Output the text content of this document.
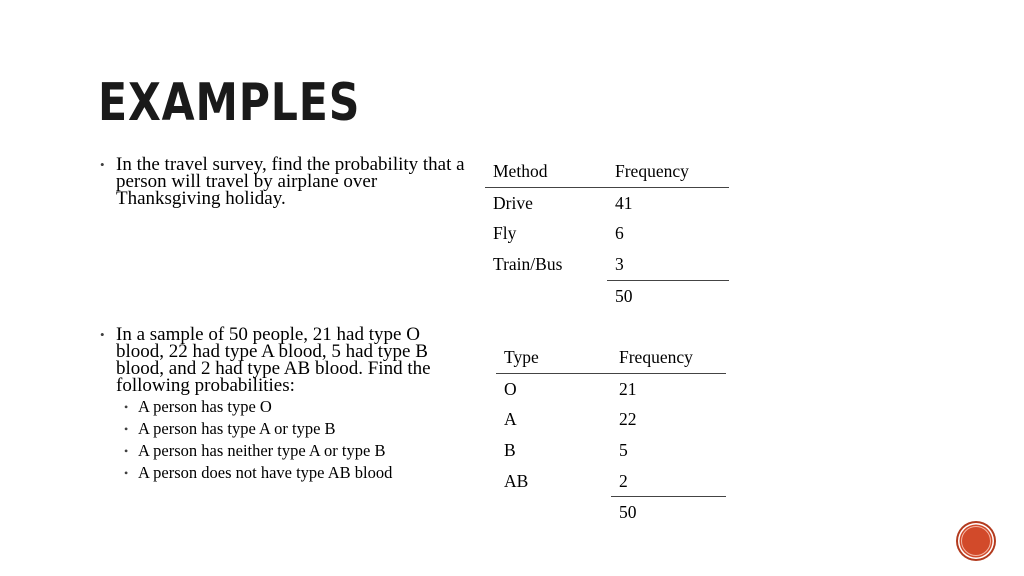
EXAMPLES
• In the travel survey, find the probability that a person will travel by airplane over Thanksgiving holiday.
Method	Frequency
Drive	41
Fly	6
Train/Bus	3
	50
• In a sample of 50 people, 21 had type O blood, 22 had type A blood, 5 had type B blood, and 2 had type AB blood. Find the following probabilities:
• A person has type O
• A person has type A or type B
• A person has neither type A or type B
• A person does not have type AB blood
Type	Frequency
O	21
A	22
B	5
AB	2
	50
